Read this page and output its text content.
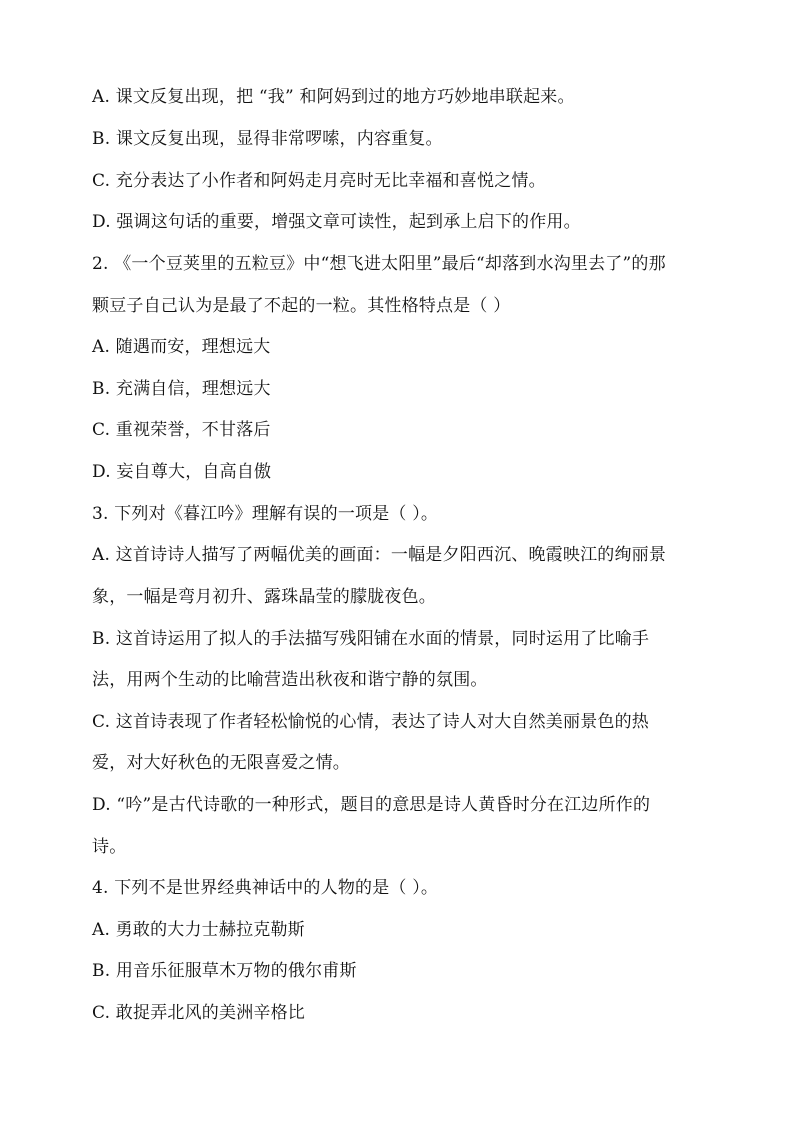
A. 课文反复出现，把 “我” 和阿妈到过的地方巧妙地串联起来。
B. 课文反复出现，显得非常啰嗦，内容重复。
C. 充分表达了小作者和阿妈走月亮时无比幸福和喜悦之情。
D. 强调这句话的重要，增强文章可读性，起到承上启下的作用。
2. 《一个豆荚里的五粒豆》中“想飞进太阳里”最后“却落到水沟里去了”的那
颗豆子自己认为是最了不起的一粒。其性格特点是（ ）
A. 随遇而安，理想远大
B. 充满自信，理想远大
C. 重视荣誉，不甘落后
D. 妄自尊大，自高自傲
3. 下列对《暮江吟》理解有误的一项是（ ）。
A. 这首诗诗人描写了两幅优美的画面：一幅是夕阳西沉、晚霞映江的绚丽景
象，一幅是弯月初升、露珠晶莹的朦胧夜色。
B. 这首诗运用了拟人的手法描写残阳铺在水面的情景，同时运用了比喻手
法，用两个生动的比喻营造出秋夜和谐宁静的氛围。
C. 这首诗表现了作者轻松愉悦的心情，表达了诗人对大自然美丽景色的热
爱，对大好秋色的无限喜爱之情。
D. “吟”是古代诗歌的一种形式，题目的意思是诗人黄昏时分在江边所作的
诗。
4. 下列不是世界经典神话中的人物的是（ ）。
A. 勇敢的大力士赫拉克勒斯
B. 用音乐征服草木万物的俄尔甫斯
C. 敢捉弄北风的美洲辛格比
